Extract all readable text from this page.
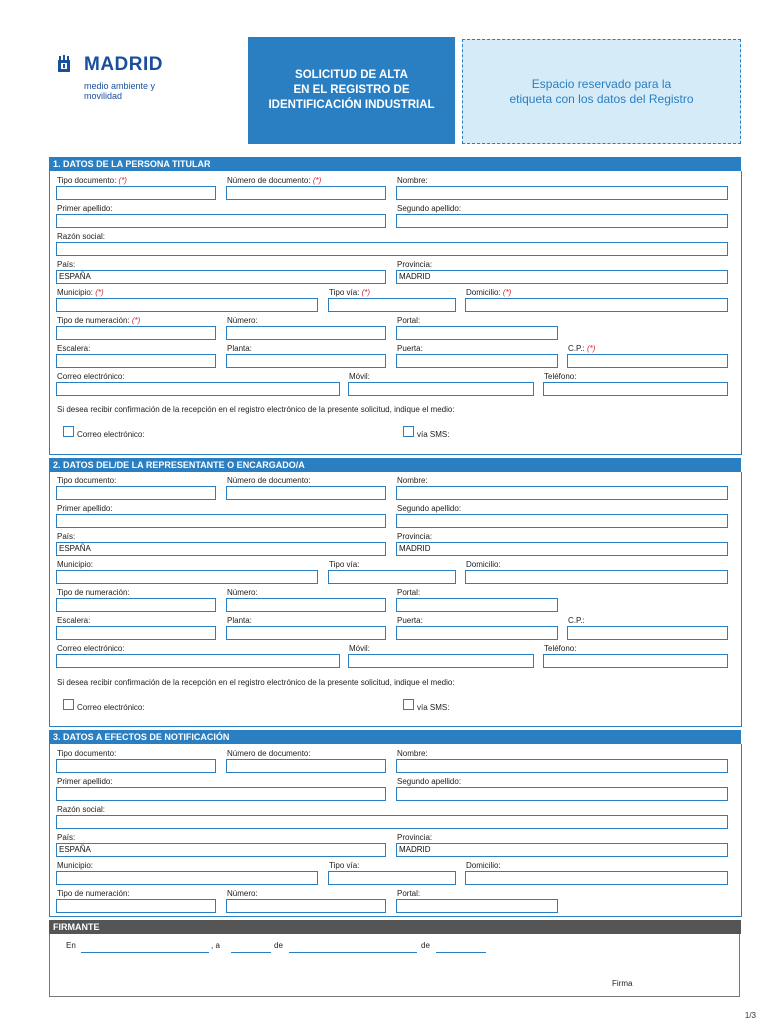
MADRID
medio ambiente y
movilidad
SOLICITUD DE ALTA
EN EL REGISTRO DE
IDENTIFICACIÓN INDUSTRIAL
Espacio reservado para la
etiqueta con los datos del Registro
1. DATOS DE LA PERSONA TITULAR
Tipo documento: (*)	Número de documento: (*)	Nombre:
Primer apellido:	Segundo apellido:
Razón social:
País:	Provincia:
ESPAÑA	MADRID
Municipio: (*)	Tipo vía: (*)	Domicilio: (*)
Tipo de numeración: (*)	Número:	Portal:
Escalera:	Planta:	Puerta:	C.P.: (*)
Correo electrónico:	Móvil:	Teléfono:
Si desea recibir confirmación de la recepción en el registro electrónico de la presente solicitud, indique el medio:
Correo electrónico:	vía SMS:
2. DATOS DEL/DE LA REPRESENTANTE O ENCARGADO/A
Tipo documento:	Número de documento:	Nombre:
Primer apellido:	Segundo apellido:
País:	Provincia:
ESPAÑA	MADRID
Municipio:	Tipo vía:	Domicilio:
Tipo de numeración:	Número:	Portal:
Escalera:	Planta:	Puerta:	C.P.:
Correo electrónico:	Móvil:	Teléfono:
Si desea recibir confirmación de la recepción en el registro electrónico de la presente solicitud, indique el medio:
Correo electrónico:	vía SMS:
3. DATOS A EFECTOS DE NOTIFICACIÓN
Tipo documento:	Número de documento:	Nombre:
Primer apellido:	Segundo apellido:
Razón social:
País:	Provincia:
ESPAÑA	MADRID
Municipio:	Tipo vía:	Domicilio:
Tipo de numeración:	Número:	Portal:
FIRMANTE
En	, a	de	de
Firma
1/3
